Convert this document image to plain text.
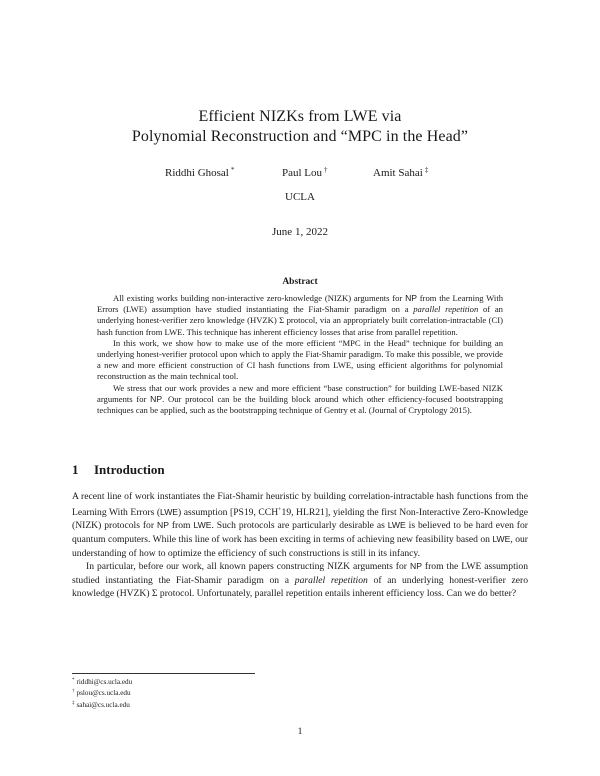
Efficient NIZKs from LWE via
Polynomial Reconstruction and “MPC in the Head”
Riddhi Ghosal *	Paul Lou †	Amit Sahai ‡
UCLA
June 1, 2022
Abstract

All existing works building non-interactive zero-knowledge (NIZK) arguments for NP from the Learning With Errors (LWE) assumption have studied instantiating the Fiat-Shamir paradigm on a parallel repetition of an underlying honest-verifier zero knowledge (HVZK) Σ protocol, via an appropriately built correlation-intractable (CI) hash function from LWE. This technique has inherent efficiency losses that arise from parallel repetition.

In this work, we show how to make use of the more efficient “MPC in the Head” technique for building an underlying honest-verifier protocol upon which to apply the Fiat-Shamir paradigm. To make this possible, we provide a new and more efficient construction of CI hash functions from LWE, using efficient algorithms for polynomial reconstruction as the main technical tool.

We stress that our work provides a new and more efficient “base construction” for building LWE-based NIZK arguments for NP. Our protocol can be the building block around which other efficiency-focused bootstrapping techniques can be applied, such as the bootstrapping technique of Gentry et al. (Journal of Cryptology 2015).

1 Introduction

A recent line of work instantiates the Fiat-Shamir heuristic by building correlation-intractable hash functions from the Learning With Errors (LWE) assumption [PS19, CCH+19, HLR21], yielding the first Non-Interactive Zero-Knowledge (NIZK) protocols for NP from LWE. Such protocols are particularly desirable as LWE is believed to be hard even for quantum computers. While this line of work has been exciting in terms of achieving new feasibility based on LWE, our understanding of how to optimize the efficiency of such constructions is still in its infancy.

In particular, before our work, all known papers constructing NIZK arguments for NP from the LWE assumption studied instantiating the Fiat-Shamir paradigm on a parallel repetition of an underlying honest-verifier zero knowledge (HVZK) Σ protocol. Unfortunately, parallel repetition entails inherent efficiency loss. Can we do better?

* riddhi@cs.ucla.edu
† pslou@cs.ucla.edu
‡ sahai@cs.ucla.edu
1
